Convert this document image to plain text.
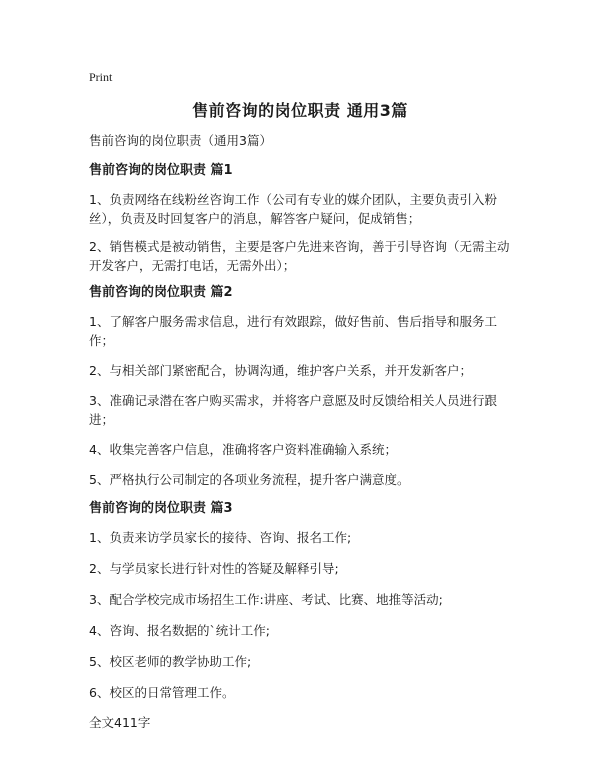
Print
售前咨询的岗位职责 通用3篇

售前咨询的岗位职责（通用3篇）

售前咨询的岗位职责 篇1

1、负责网络在线粉丝咨询工作（公司有专业的媒介团队，主要负责引入粉丝），负责及时回复客户的消息，解答客户疑问，促成销售；

2、销售模式是被动销售，主要是客户先进来咨询，善于引导咨询（无需主动开发客户，无需打电话，无需外出）；

售前咨询的岗位职责 篇2

1、了解客户服务需求信息，进行有效跟踪，做好售前、售后指导和服务工作；

2、与相关部门紧密配合，协调沟通，维护客户关系，并开发新客户；

3、准确记录潜在客户购买需求，并将客户意愿及时反馈给相关人员进行跟进；

4、收集完善客户信息，准确将客户资料准确输入系统；

5、严格执行公司制定的各项业务流程，提升客户满意度。

售前咨询的岗位职责 篇3

1、负责来访学员家长的接待、咨询、报名工作;

2、与学员家长进行针对性的答疑及解释引导;

3、配合学校完成市场招生工作:讲座、考试、比赛、地推等活动;

4、咨询、报名数据的`统计工作;

5、校区老师的教学协助工作;

6、校区的日常管理工作。

全文411字
